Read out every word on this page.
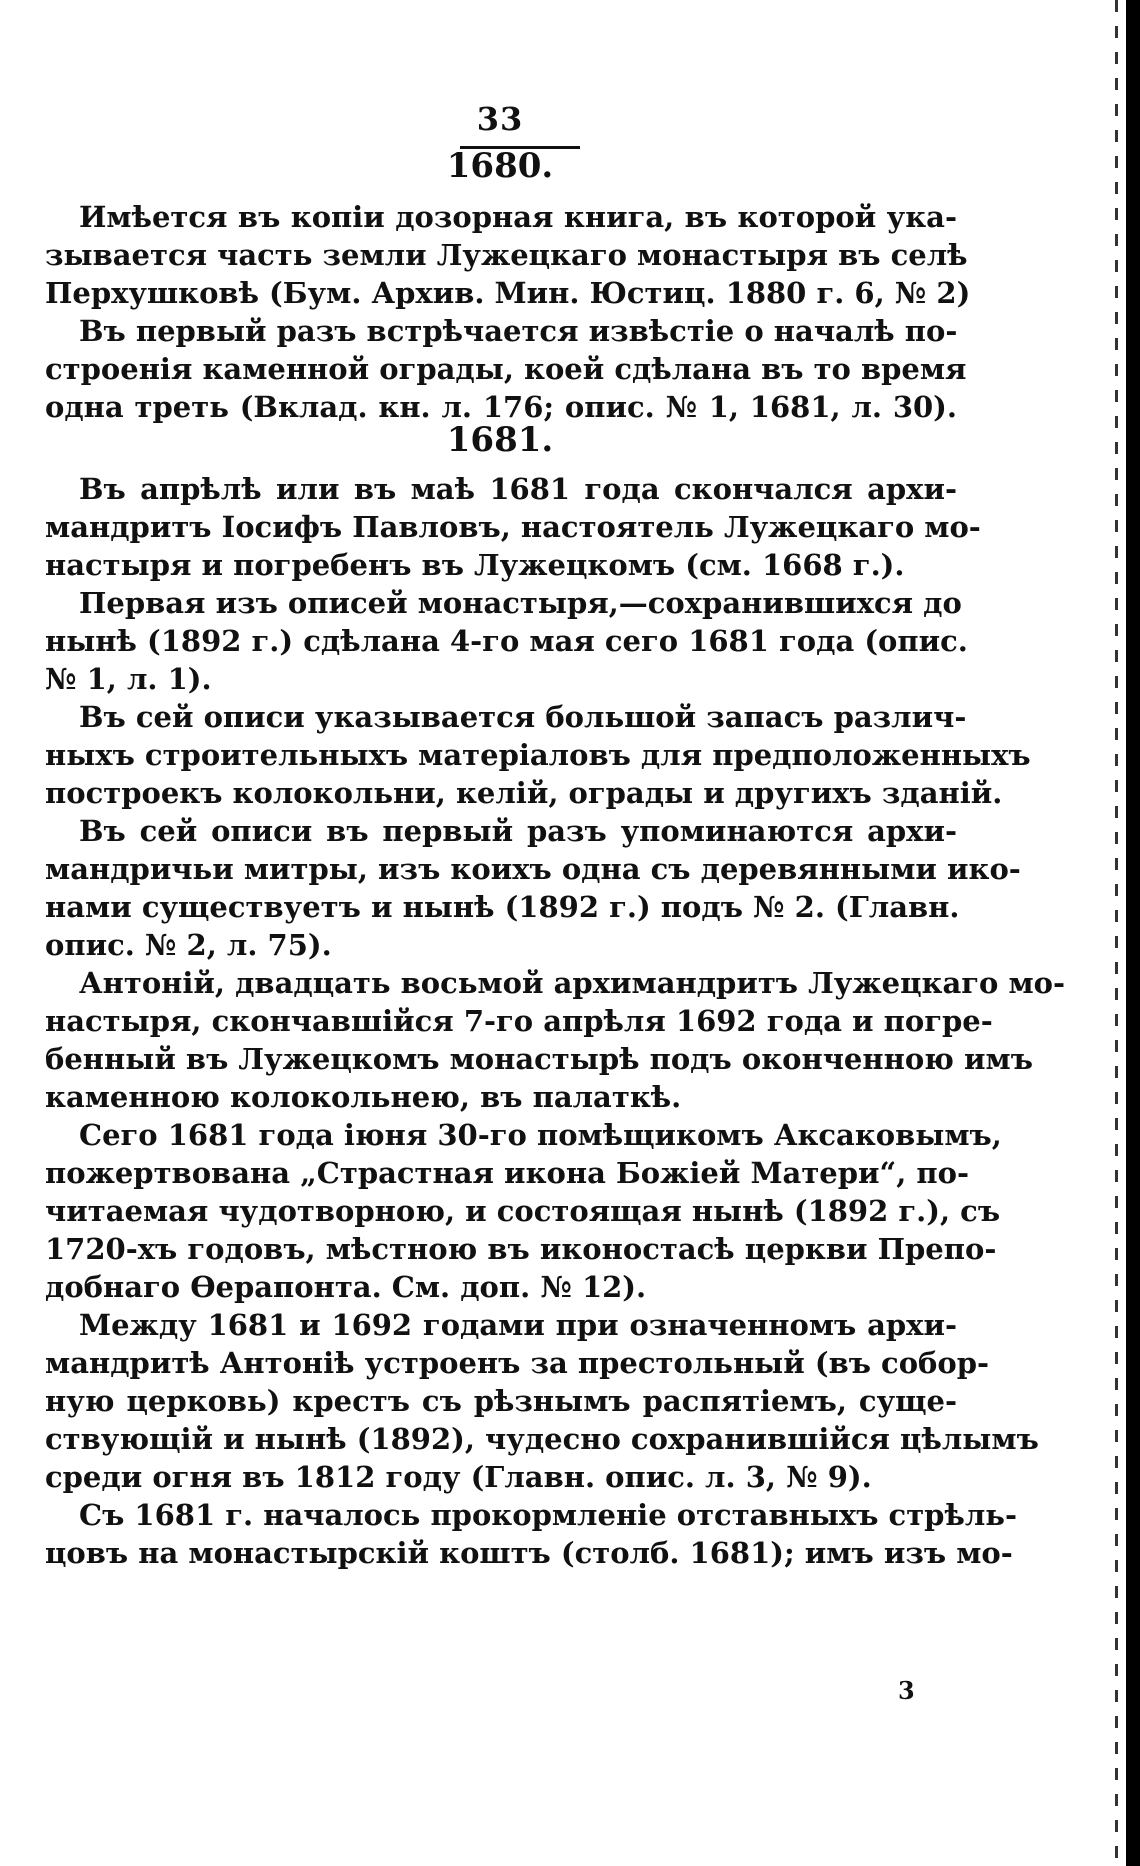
33
1680.
Имѣется въ копіи дозорная книга, въ которой ука-
зывается часть земли Лужецкаго монастыря въ селѣ
Перхушковѣ (Бум. Архив. Мин. Юстиц. 1880 г. 6, № 2)
Въ первый разъ встрѣчается извѣстіе о началѣ по-
строенія каменной ограды, коей сдѣлана въ то время
одна треть (Вклад. кн. л. 176; опис. № 1, 1681, л. 30).
1681.
Въ апрѣлѣ или въ маѣ 1681 года скончался архи-
мандритъ Іосифъ Павловъ, настоятель Лужецкаго мо-
настыря и погребенъ въ Лужецкомъ (см. 1668 г.).
Первая изъ описей монастыря,—сохранившихся до
нынѣ (1892 г.) сдѣлана 4-го мая сего 1681 года (опис.
№ 1, л. 1).
Въ сей описи указывается большой запасъ различ-
ныхъ строительныхъ матеріаловъ для предположенныхъ
построекъ колокольни, келій, ограды и другихъ зданій.
Въ сей описи въ первый разъ упоминаются архи-
мандричьи митры, изъ коихъ одна съ деревянными ико-
нами существуетъ и нынѣ (1892 г.) подъ № 2. (Главн.
опис. № 2, л. 75).
Антоній, двадцать восьмой архимандритъ Лужецкаго мо-
настыря, скончавшійся 7-го апрѣля 1692 года и погре-
бенный въ Лужецкомъ монастырѣ подъ оконченною имъ
каменною колокольнею, въ палаткѣ.
Сего 1681 года іюня 30-го помѣщикомъ Аксаковымъ,
пожертвована „Страстная икона Божіей Матери“, по-
читаемая чудотворною, и состоящая нынѣ (1892 г.), съ
1720-хъ годовъ, мѣстною въ иконостасѣ церкви Препо-
добнаго Ѳерапонта. См. доп. № 12).
Между 1681 и 1692 годами при означенномъ архи-
мандритѣ Антоніѣ устроенъ за престольный (въ собор-
ную церковь) крестъ съ рѣзнымъ распятіемъ, суще-
ствующій и нынѣ (1892), чудесно сохранившійся цѣлымъ
среди огня въ 1812 году (Главн. опис. л. 3, № 9).
Съ 1681 г. началось прокормленіе отставныхъ стрѣль-
цовъ на монастырскій коштъ (столб. 1681); имъ изъ мо-
3
